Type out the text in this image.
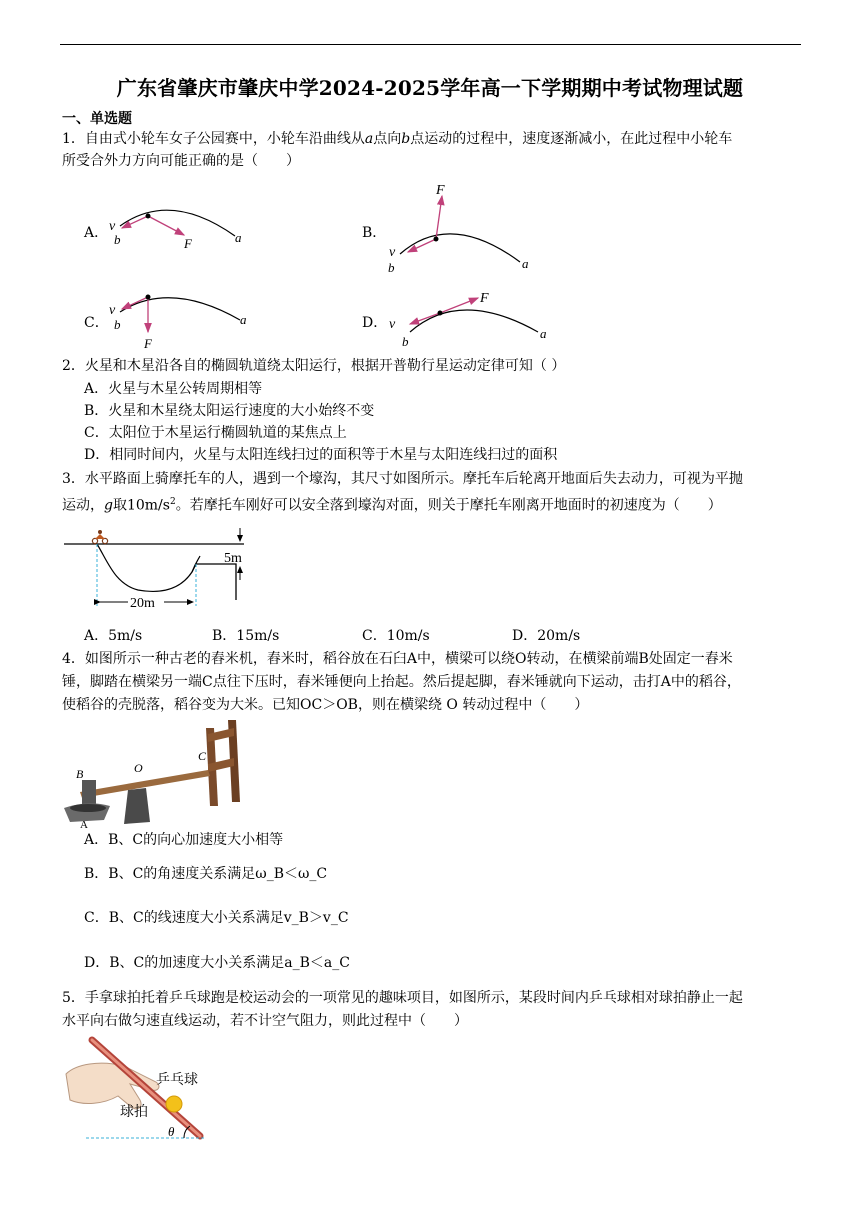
广东省肇庆市肇庆中学2024-2025学年高一下学期期中考试物理试题
一、单选题
1．自由式小轮车女子公园赛中，小轮车沿曲线从a点向b点运动的过程中，速度逐渐减小，在此过程中小轮车
所受合外力方向可能正确的是（　　）
A． v
b	a
F
B．
F
v
b	a
C．
v
b	a
F
D．
F
v
b
a
2．火星和木星沿各自的椭圆轨道绕太阳运行，根据开普勒行星运动定律可知（ ）
A．火星与木星公转周期相等
B．火星和木星绕太阳运行速度的大小始终不变
C．太阳位于木星运行椭圆轨道的某焦点上
D．相同时间内，火星与太阳连线扫过的面积等于木星与太阳连线扫过的面积
3．水平路面上骑摩托车的人，遇到一个壕沟，其尺寸如图所示。摩托车后轮离开地面后失去动力，可视为平抛
运动，g取$10m/s^2$。若摩托车刚好可以安全落到壕沟对面，则关于摩托车刚离开地面时的初速度为（　　）
5m
20m
A．5m/s	B．15m/s	C．10m/s	D．20m/s
4．如图所示一种古老的舂米机，舂米时，稻谷放在石臼A中，横梁可以绕O转动，在横梁前端B处固定一舂米
锤，脚踏在横梁另一端C点往下压时，舂米锤便向上抬起。然后提起脚，舂米锤就向下运动，击打A中的稻谷，
使稻谷的壳脱落，稻谷变为大米。已知OC＞OB，则在横梁绕 O 转动过程中（　　）
B	O
C
A
A．B、C的向心加速度大小相等
B．B、C的角速度关系满足ω_B＜ω_C
C．B、C的线速度大小关系满足v_B＞v_C
D．B、C的加速度大小关系满足a_B＜a_C
5．手拿球拍托着乒乓球跑是校运动会的一项常见的趣味项目，如图所示，某段时间内乒乓球相对球拍静止一起
水平向右做匀速直线运动，若不计空气阻力，则此过程中（　　）
乒乓球
球拍
θ
